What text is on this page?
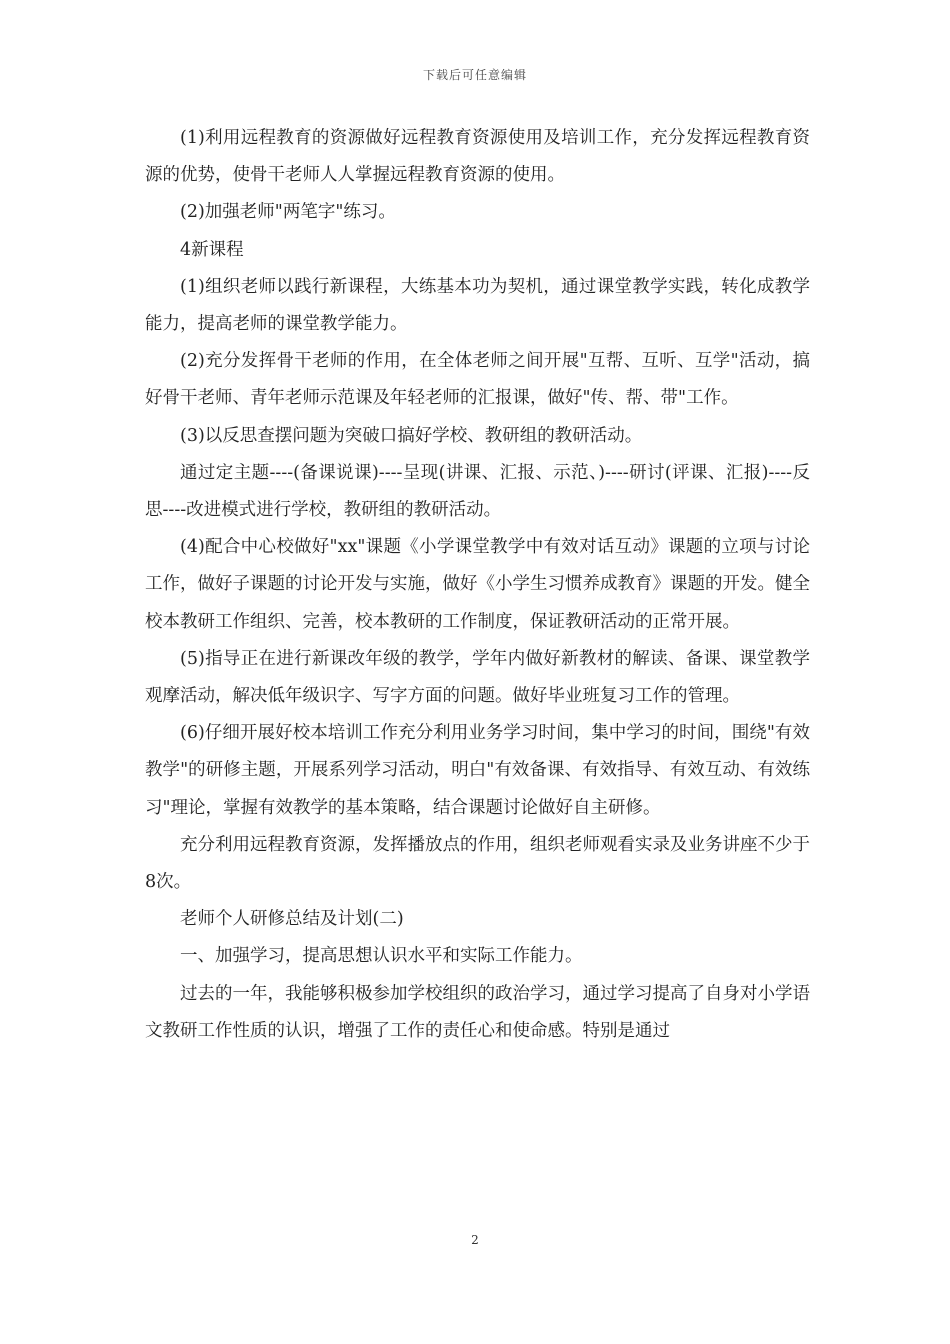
下载后可任意编辑

(1)利用远程教育的资源做好远程教育资源使用及培训工作，充分发挥远程教育资源的优势，使骨干老师人人掌握远程教育资源的使用。

(2)加强老师"两笔字"练习。

4新课程

(1)组织老师以践行新课程，大练基本功为契机，通过课堂教学实践，转化成教学能力，提高老师的课堂教学能力。

(2)充分发挥骨干老师的作用，在全体老师之间开展"互帮、互听、互学"活动，搞好骨干老师、青年老师示范课及年轻老师的汇报课，做好"传、帮、带"工作。

(3)以反思查摆问题为突破口搞好学校、教研组的教研活动。

通过定主题----(备课说课)----呈现(讲课、汇报、示范、)----研讨(评课、汇报)----反思----改进模式进行学校，教研组的教研活动。

(4)配合中心校做好"xx"课题《小学课堂教学中有效对话互动》课题的立项与讨论工作，做好子课题的讨论开发与实施，做好《小学生习惯养成教育》课题的开发。健全校本教研工作组织、完善，校本教研的工作制度，保证教研活动的正常开展。

(5)指导正在进行新课改年级的教学，学年内做好新教材的解读、备课、课堂教学观摩活动，解决低年级识字、写字方面的问题。做好毕业班复习工作的管理。

(6)仔细开展好校本培训工作充分利用业务学习时间，集中学习的时间，围绕"有效教学"的研修主题，开展系列学习活动，明白"有效备课、有效指导、有效互动、有效练习"理论，掌握有效教学的基本策略，结合课题讨论做好自主研修。

充分利用远程教育资源，发挥播放点的作用，组织老师观看实录及业务讲座不少于8次。

老师个人研修总结及计划(二)

一、加强学习，提高思想认识水平和实际工作能力。

过去的一年，我能够积极参加学校组织的政治学习，通过学习提高了自身对小学语文教研工作性质的认识，增强了工作的责任心和使命感。特别是通过

2
